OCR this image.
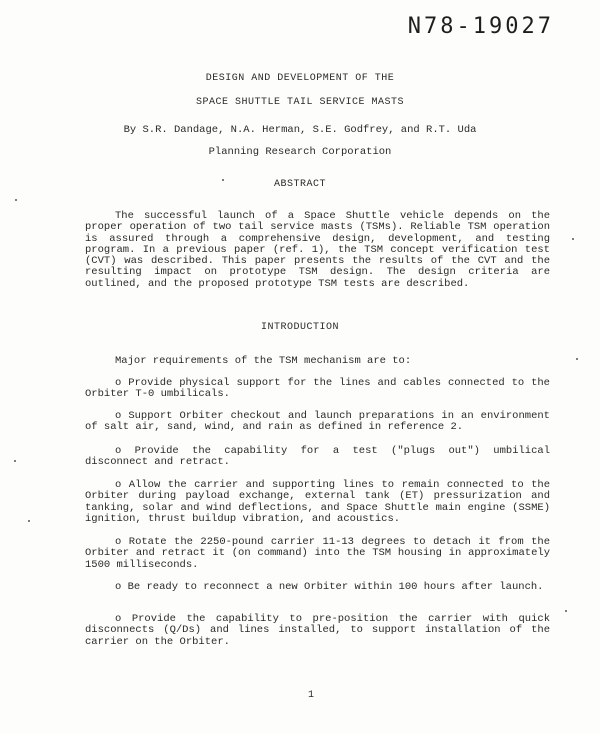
N78-19027
DESIGN AND DEVELOPMENT OF THE
SPACE SHUTTLE TAIL SERVICE MASTS
By S.R. Dandage, N.A. Herman, S.E. Godfrey, and R.T. Uda
Planning Research Corporation
ABSTRACT
The successful launch of a Space Shuttle vehicle depends on the proper operation of two tail service masts (TSMs). Reliable TSM operation is assured through a comprehensive design, development, and testing program. In a previous paper (ref. 1), the TSM concept verification test (CVT) was described. This paper presents the results of the CVT and the resulting impact on prototype TSM design. The design criteria are outlined, and the proposed prototype TSM tests are described.
INTRODUCTION
Major requirements of the TSM mechanism are to:
o Provide physical support for the lines and cables connected to the Orbiter T-0 umbilicals.
o Support Orbiter checkout and launch preparations in an environment of salt air, sand, wind, and rain as defined in reference 2.
o Provide the capability for a test ("plugs out") umbilical disconnect and retract.
o Allow the carrier and supporting lines to remain connected to the Orbiter during payload exchange, external tank (ET) pressurization and tanking, solar and wind deflections, and Space Shuttle main engine (SSME) ignition, thrust buildup vibration, and acoustics.
o Rotate the 2250-pound carrier 11-13 degrees to detach it from the Orbiter and retract it (on command) into the TSM housing in approximately 1500 milliseconds.
o Be ready to reconnect a new Orbiter within 100 hours after launch.
o Provide the capability to pre-position the carrier with quick disconnects (Q/Ds) and lines installed, to support installation of the carrier on the Orbiter.
1
